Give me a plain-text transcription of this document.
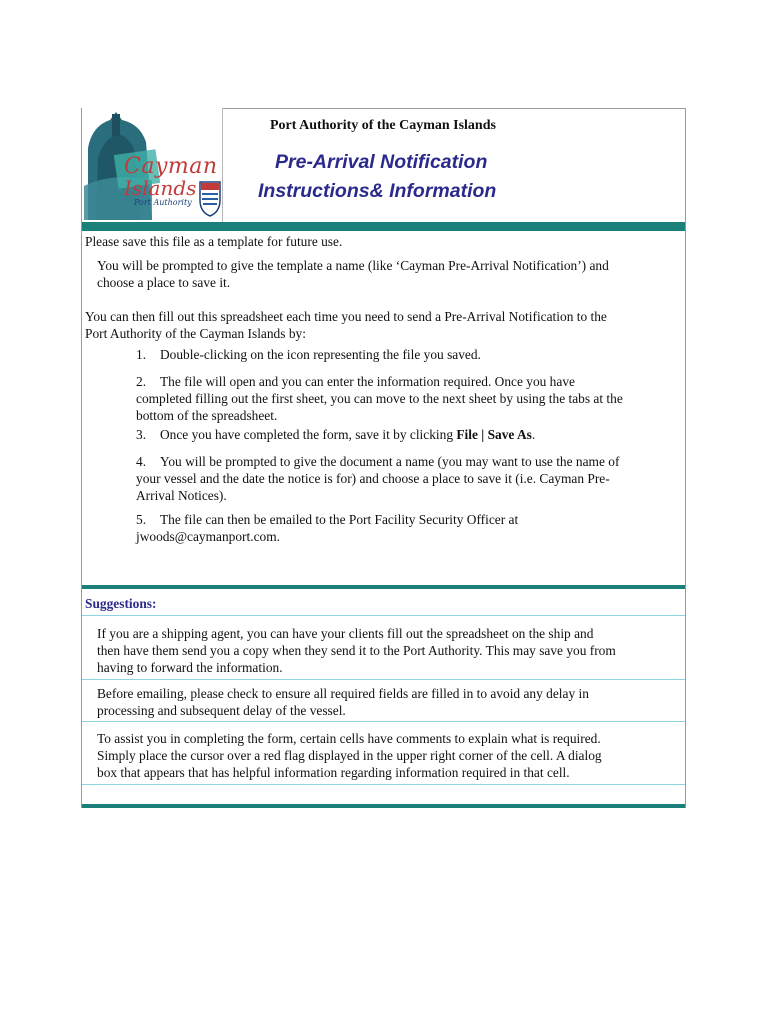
Cayman
Islands
Port Authority
Port Authority of the Cayman Islands
Pre-Arrival Notification
Instructions& Information
Please save this file as a template for future use.
You will be prompted to give the template a name (like ‘Cayman Pre-Arrival Notification’) and
choose a place to save it.
You can then fill out this spreadsheet each time you need to send a Pre-Arrival Notification to the
Port Authority of the Cayman Islands by:
1. Double-clicking on the icon representing the file you saved.
2. The file will open and you can enter the information required. Once you have
completed filling out the first sheet, you can move to the next sheet by using the tabs at the
bottom of the spreadsheet.
3. Once you have completed the form, save it by clicking File | Save As.
4. You will be prompted to give the document a name (you may want to use the name of
your vessel and the date the notice is for) and choose a place to save it (i.e. Cayman Pre-
Arrival Notices).
5. The file can then be emailed to the Port Facility Security Officer at
jwoods@caymanport.com.
Suggestions:
If you are a shipping agent, you can have your clients fill out the spreadsheet on the ship and
then have them send you a copy when they send it to the Port Authority. This may save you from
having to forward the information.
Before emailing, please check to ensure all required fields are filled in to avoid any delay in
processing and subsequent delay of the vessel.
To assist you in completing the form, certain cells have comments to explain what is required.
Simply place the cursor over a red flag displayed in the upper right corner of the cell. A dialog
box that appears that has helpful information regarding information required in that cell.
